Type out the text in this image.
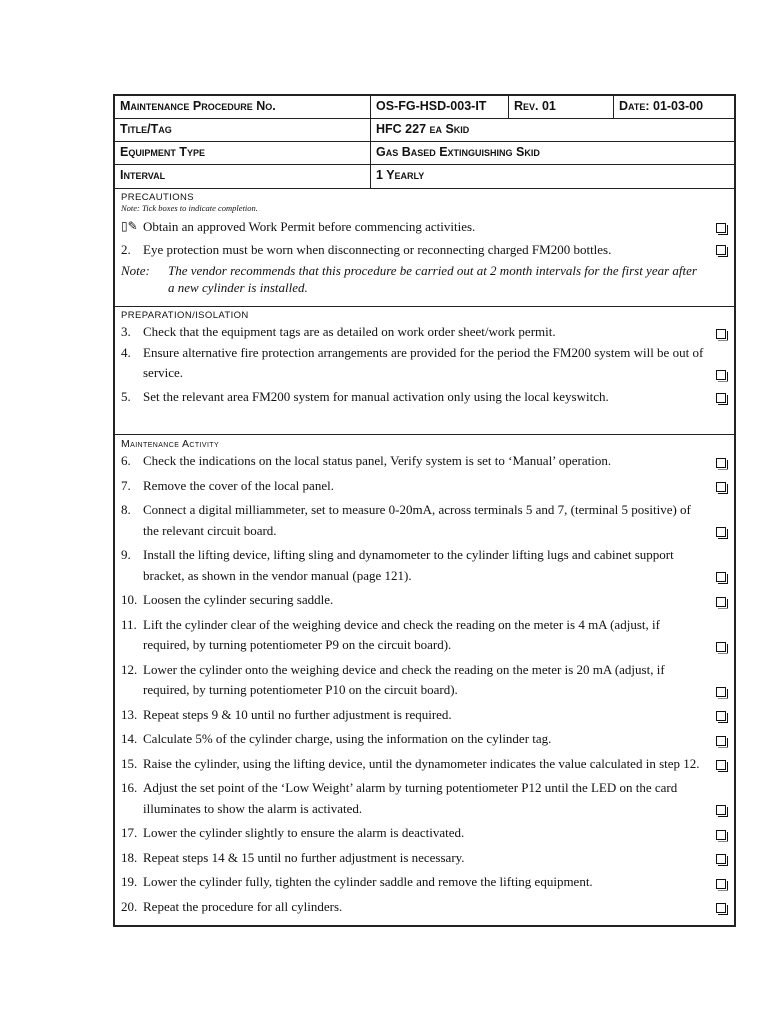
Maintenance Procedure No.	OS-FG-HSD-003-IT	Rev. 01	Date: 01-03-00
Title/Tag	HFC 227 ea Skid
Equipment Type	Gas Based Extinguishing Skid
Interval	1 Yearly
PRECAUTIONS
Note: Tick boxes to indicate completion.
▯✎ Obtain an approved Work Permit before commencing activities.
2. Eye protection must be worn when disconnecting or reconnecting charged FM200 bottles.
Note:	The vendor recommends that this procedure be carried out at 2 month intervals for the first year after a new cylinder is installed.
PREPARATION/ISOLATION
3. Check that the equipment tags are as detailed on work order sheet/work permit.
4. Ensure alternative fire protection arrangements are provided for the period the FM200 system will be out of service.
5. Set the relevant area FM200 system for manual activation only using the local keyswitch.
Maintenance Activity
6. Check the indications on the local status panel, Verify system is set to ‘Manual’ operation.
7. Remove the cover of the local panel.
8. Connect a digital milliammeter, set to measure 0-20mA, across terminals 5 and 7, (terminal 5 positive) of the relevant circuit board.
9. Install the lifting device, lifting sling and dynamometer to the cylinder lifting lugs and cabinet support bracket, as shown in the vendor manual (page 121).
10. Loosen the cylinder securing saddle.
11. Lift the cylinder clear of the weighing device and check the reading on the meter is 4 mA (adjust, if required, by turning potentiometer P9 on the circuit board).
12. Lower the cylinder onto the weighing device and check the reading on the meter is 20 mA (adjust, if required, by turning potentiometer P10 on the circuit board).
13. Repeat steps 9 & 10 until no further adjustment is required.
14. Calculate 5% of the cylinder charge, using the information on the cylinder tag.
15. Raise the cylinder, using the lifting device, until the dynamometer indicates the value calculated in step 12.
16. Adjust the set point of the ‘Low Weight’ alarm by turning potentiometer P12 until the LED on the card illuminates to show the alarm is activated.
17. Lower the cylinder slightly to ensure the alarm is deactivated.
18. Repeat steps 14 & 15 until no further adjustment is necessary.
19. Lower the cylinder fully, tighten the cylinder saddle and remove the lifting equipment.
20. Repeat the procedure for all cylinders.
